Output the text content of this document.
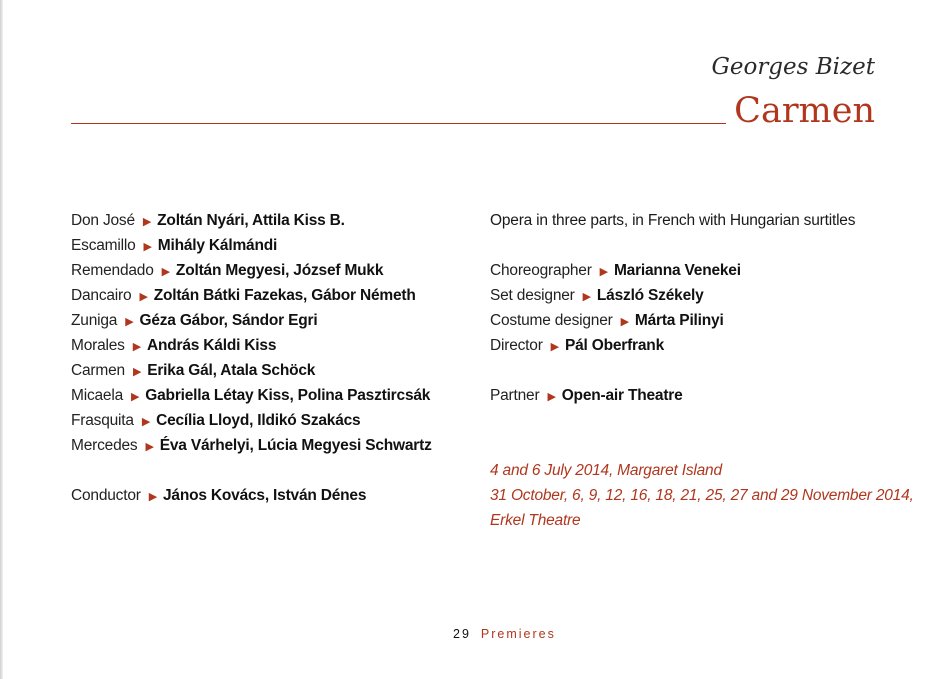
Georges Bizet
Carmen
Don José ▶ Zoltán Nyári, Attila Kiss B.
Escamillo ▶ Mihály Kálmándi
Remendado ▶ Zoltán Megyesi, József Mukk
Dancairo ▶ Zoltán Bátki Fazekas, Gábor Németh
Zuniga ▶ Géza Gábor, Sándor Egri
Morales ▶ András Káldi Kiss
Carmen ▶ Erika Gál, Atala Schöck
Micaela ▶ Gabriella Létay Kiss, Polina Pasztircsák
Frasquita ▶ Cecília Lloyd, Ildikó Szakács
Mercedes ▶ Éva Várhelyi, Lúcia Megyesi Schwartz
Conductor ▶ János Kovács, István Dénes
Opera in three parts, in French with Hungarian surtitles
Choreographer ▶ Marianna Venekei
Set designer ▶ László Székely
Costume designer ▶ Márta Pilinyi
Director ▶ Pál Oberfrank
Partner ▶ Open-air Theatre
4 and 6 July 2014, Margaret Island
31 October, 6, 9, 12, 16, 18, 21, 25, 27 and 29 November 2014,
Erkel Theatre
29 Premieres
